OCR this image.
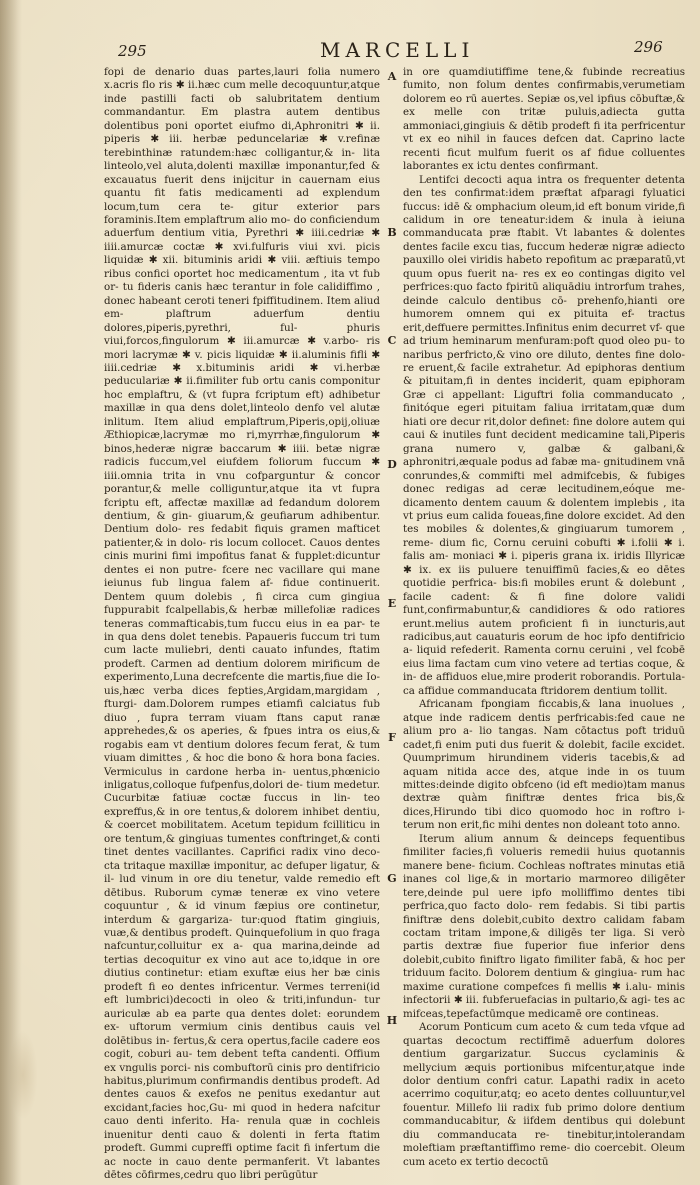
295	MARCELLI	296

fopi de denario duas partes,lauri folia numero x.acris flo ris ✱ ii.hæc cum melle decoquuntur,atque inde pastilli facti ob salubritatem dentium commandantur. Em plastra autem dentibus dolentibus poni oportet eiufmo di,Aphronitri ✱ ii. piperis ✱ iii. herbæ peduncelariæ ✱ v.refinæ terebinthinæ ratundem:hæc colligantur,& in- lita linteolo,vel aluta,dolenti maxillæ imponantur,fed & excauatus fuerit dens inijcitur in cauernam eius quantu fit fatis medicamenti ad explendum locum,tum cera te- gitur exterior pars foraminis.Item emplaftrum alio mo- do conficiendum aduerfum dentium vitia, Pyrethri ✱ iiii.cedriæ ✱ iiii.amurcæ coctæ ✱ xvi.fulfuris viui xvi. picis liquidæ ✱ xii. bituminis aridi ✱ viii. æftiuis tempo ribus confici oportet hoc medicamentum , ita vt fub or- tu fideris canis hæc terantur in fole calidiffimo , donec habeant ceroti teneri fpiffitudinem. Item aliud em- plaftrum aduerfum dentiu dolores,piperis,pyrethri, ful- phuris viui,forcos,fingulorum ✱ iii.amurcæ ✱ v.arbo- ris mori lacrymæ ✱ v. picis liquidæ ✱ ii.aluminis fifli ✱ iiii.cedriæ ✱ x.bituminis aridi ✱ vi.herbæ peduculariæ ✱ ii.fimiliter fub ortu canis componitur hoc emplaftru, & (vt fupra fcriptum eft) adhibetur maxillæ in qua dens dolet,linteolo denfo vel alutæ inlitum. Item aliud emplaftrum,Piperis,opij,oliuæ Æthiopicæ,lacrymæ mo ri,myrrhæ,fingulorum ✱ binos,hederæ nigræ baccarum ✱ iiii. betæ nigræ radicis fuccum,vel eiufdem foliorum fuccum ✱ iiii.omnia trita in vnu cofparguntur & concor porantur,& melle colliguntur,atque ita vt fupra fcriptu eft, affectæ maxillæ ad fedandum dolorem dentium, & gin- giuarum,& geufiarum adhibentur. Dentium dolo- res fedabit fiquis gramen mafticet patienter,& in dolo- ris locum collocet. Cauos dentes cinis murini fimi impofitus fanat & fupplet:dicuntur dentes ei non putre- fcere nec vacillare qui mane ieiunus fub lingua falem af- fidue continuerit. Dentem quum dolebis , fi circa cum gingiua fuppurabit fcalpellabis,& herbæ millefoliæ radices teneras commafticabis,tum fuccu eius in ea par- te in qua dens dolet tenebis. Papaueris fuccum tri tum cum lacte muliebri, denti cauato infundes, ftatim prodeft. Carmen ad dentium dolorem mirificum de experimento,Luna decrefcente die martis,fiue die Io- uis,hæc verba dices fepties,Argidam,margidam , fturgi- dam.Dolorem rumpes etiamfi calciatus fub diuo , fupra terram viuam ftans caput ranæ apprehedes,& os aperies, & fpues intra os eius,& rogabis eam vt dentium dolores fecum ferat, & tum viuam dimittes , & hoc die bono & hora bona facies. Vermiculus in cardone herba in- uentus,phœnicio inligatus,colloque fufpenfus,dolori de- tium medetur. Cucurbitæ fatiuæ coctæ fuccus in lin- teo expreffus,& in ore tentus,& dolorem inhibet dentiu, & coercet mobilitatem. Acetum tepidum fcilliticu in ore tentum,& gingiuas tumentes conftringet,& conti tinet dentes vacillantes. Caprifici radix vino deco- cta tritaque maxillæ imponitur, ac defuper ligatur, & il- lud vinum in ore diu tenetur, valde remedio eft dētibus. Ruborum cymæ teneræ ex vino vetere coquuntur , & id vinum fæpius ore continetur, interdum & gargariza- tur:quod ftatim gingiuis, vuæ,& dentibus prodeft. Quinquefolium in quo fraga nafcuntur,colluitur ex a- qua marina,deinde ad tertias decoquitur ex vino aut ace to,idque in ore diutius continetur: etiam exuftæ eius her bæ cinis prodeft fi eo dentes infricentur. Vermes terreni(id eft lumbrici)decocti in oleo & triti,infundun- tur auriculæ ab ea parte qua dentes dolet: eorundem ex- uftorum vermium cinis dentibus cauis vel dolētibus in- fertus,& cera opertus,facile cadere eos cogit, coburi au- tem debent tefta candenti. Offium ex vngulis porci- nis combuftorū cinis pro dentifricio habitus,plurimum confirmandis dentibus prodeft. Ad dentes cauos & exefos ne penitus exedantur aut excidant,facies hoc,Gu- mi quod in hedera nafcitur cauo denti inferito. Ha- renula quæ in cochleis inuenitur denti cauo & dolenti in ferta ftatim prodeft. Gummi cupreffi optime facit fi infertum die ac nocte in cauo dente permanferit. Vt labantes dētes cōfirmes,cedru quo libri perūgūtur

A
B
C
D
E
F
G
H

in ore quamdiutiffime tene,& fubinde recreatius fumito, non folum dentes confirmabis,verumetiam dolorem eo rū auertes. Sepiæ os,vel ipfius cōbuftæ,& ex melle con tritæ puluis,adiecta gutta ammoniaci,gingiuis & dētib prodeft fi ita perfricentur vt ex eo nihil in fauces defcen dat. Caprino lacte recenti ficut mulfum fuerit os af fidue colluentes laborantes ex ictu dentes confirmant.

Lentifci decocti aqua intra os frequenter detenta den tes confirmat:idem præftat afparagi fyluatici fuccus: idē & omphacium oleum,id eft bonum viride,fi calidum in ore teneatur:idem & inula à ieiuna commanducata præ ftabit. Vt labantes & dolentes dentes facile excu tias, fuccum hederæ nigræ adiecto pauxillo olei viridis habeto repofitum ac præparatū,vt quum opus fuerit na- res ex eo contingas digito vel perfrices:quo facto fpiritū aliquādiu introrfum trahes, deinde calculo dentibus cō- prehenfo,hianti ore humorem omnem qui ex pituita ef- tractus erit,deffuere permittes.Infinitus enim decurret vf- que ad trium heminarum menfuram:poft quod oleo pu- to naribus perfricto,& vino ore diluto, dentes fine dolo- re eruent,& facile extrahetur. Ad epiphoras dentium & pituitam,fi in dentes inciderit, quam epiphoram Græ ci appellant: Liguftri folia commanducato , finitóque egeri pituitam faliua irritatam,quæ dum hiati ore decur rit,dolor definet: fine dolore autem qui caui & inutiles funt decident medicamine tali,Piperis grana numero v, galbæ & galbani,& aphronitri,æquale podus ad fabæ ma- gnitudinem vnā conrundes,& commifti mel admifcebis, & fubiges donec redigas ad ceræ lecitudinem,eóque me- dicamento dentem cauum & dolentem implebis , ita vt prius eum calida foueas,fine dolore excidet. Ad den tes mobiles & dolentes,& gingiuarum tumorem , reme- dium fic, Cornu ceruini cobufti ✱ i.folii ✱ i. falis am- moniaci ✱ i. piperis grana ix. iridis Illyricæ ✱ ix. ex iis puluere tenuiffimū facies,& eo dētes quotidie perfrica- bis:fi mobiles erunt & dolebunt , facile cadent: & fi fine dolore validi funt,confirmabuntur,& candidiores & odo ratiores erunt.melius autem proficient fi in iuncturis,aut radicibus,aut cauaturis eorum de hoc ipfo dentifricio a- liquid refederit. Ramenta cornu ceruini , vel fcobē eius lima factam cum vino vetere ad tertias coque, & in- de affiduos elue,mire proderit roborandis. Portula- ca affidue commanducata ftridorem dentium tollit.

Africanam fpongiam ficcabis,& lana inuolues , atque inde radicem dentis perfricabis:fed caue ne alium pro a- lio tangas. Nam cōtactus poft triduū cadet,fi enim puti dus fuerit & dolebit, facile excidet. Quumprimum hirundinem videris tacebis,& ad aquam nitida acce des, atque inde in os tuum mittes:deinde digito obfceno (id eft medio)tam manus dextræ quàm finiftræ dentes frica bis,& dices,Hirundo tibi dico quomodo hoc in roftro i- terum non erit,fic mihi dentes non doleant toto anno.

Iterum alium annum & deinceps fequentibus fimiliter facies,fi volueris remedii huius quotannis manere bene- ficium. Cochleas noftrates minutas etiā inanes col lige,& in mortario marmoreo diligēter tere,deinde pul uere ipfo molliffimo dentes tibi perfrica,quo facto dolo- rem fedabis. Si tibi partis finiftræ dens dolebit,cubito dextro calidam fabam coctam tritam impone,& diligēs ter liga. Si verò partis dextræ fiue fuperior fiue inferior dens dolebit,cubito finiftro ligato fimiliter fabā, & hoc per triduum facito. Dolorem dentium & gingiua- rum hac maxime curatione compefces fi mellis ✱ i.alu- minis infectorii ✱ iii. fubferuefacias in pultario,& agi- tes ac mifceas,tepefactūmque medicamē ore contineas.

Acorum Ponticum cum aceto & cum teda vfque ad quartas decoctum rectiffimē aduerfum dolores dentium gargarizatur. Succus cyclaminis & mellycium æquis portionibus mifcentur,atque inde dolor dentium confri catur. Lapathi radix in aceto acerrimo coquitur,atq; eo aceto dentes colluuntur,vel fouentur. Millefo lii radix fub primo dolore dentium commanducabitur, & iifdem dentibus qui dolebunt diu commanducata re- tinebitur,intolerandam moleftiam præftantiffimo reme- dio coercebit. Oleum cum aceto ex tertio decoctū
